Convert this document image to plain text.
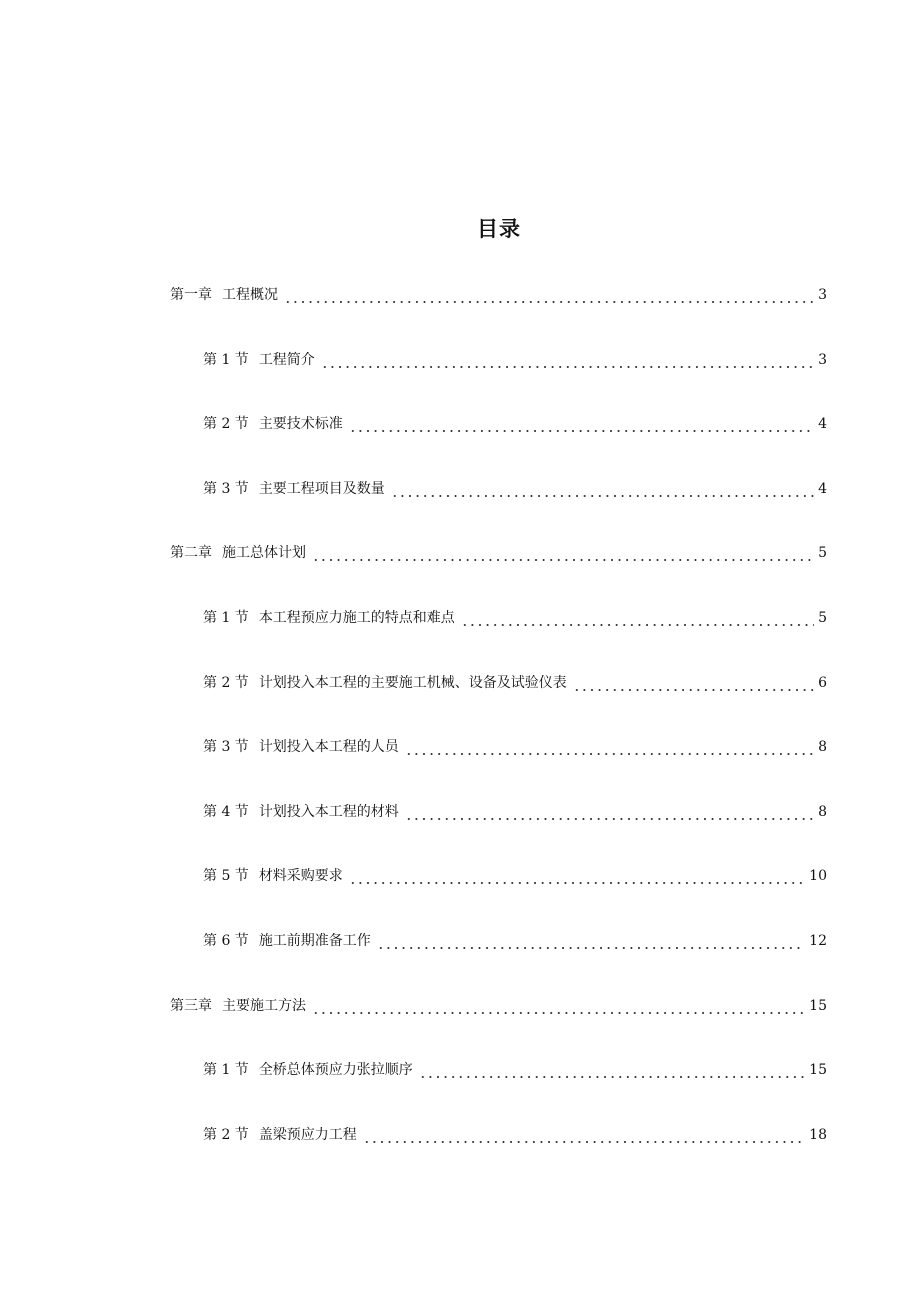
目录
第一章 工程概况	3
第 1 节 工程简介	3
第 2 节 主要技术标准	4
第 3 节 主要工程项目及数量	4
第二章 施工总体计划	5
第 1 节 本工程预应力施工的特点和难点	5
第 2 节 计划投入本工程的主要施工机械、设备及试验仪表	6
第 3 节 计划投入本工程的人员	8
第 4 节 计划投入本工程的材料	8
第 5 节 材料采购要求	10
第 6 节 施工前期准备工作	12
第三章 主要施工方法	15
第 1 节 全桥总体预应力张拉顺序	15
第 2 节 盖梁预应力工程	18
